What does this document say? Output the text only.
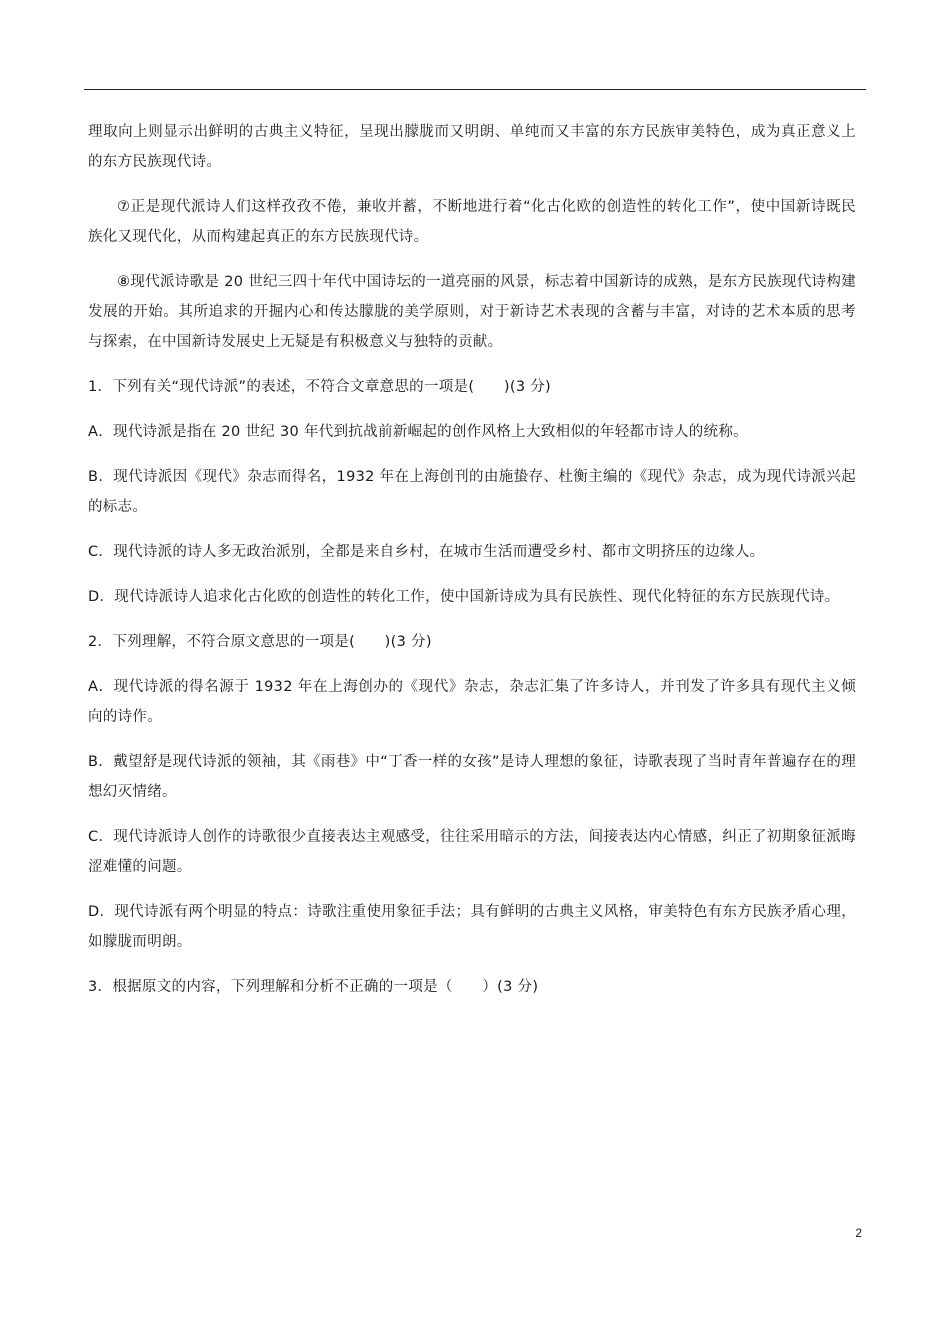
理取向上则显示出鲜明的古典主义特征，呈现出朦胧而又明朗、单纯而又丰富的东方民族审美特色，成为真正意义上的东方民族现代诗。

⑦正是现代派诗人们这样孜孜不倦，兼收并蓄，不断地进行着“化古化欧的创造性的转化工作”，使中国新诗既民族化又现代化，从而构建起真正的东方民族现代诗。

⑧现代派诗歌是 20 世纪三四十年代中国诗坛的一道亮丽的风景，标志着中国新诗的成熟，是东方民族现代诗构建发展的开始。其所追求的开掘内心和传达朦胧的美学原则，对于新诗艺术表现的含蓄与丰富，对诗的艺术本质的思考与探索，在中国新诗发展史上无疑是有积极意义与独特的贡献。

1．下列有关“现代诗派”的表述，不符合文章意思的一项是(　　)(3 分)

A．现代诗派是指在 20 世纪 30 年代到抗战前新崛起的创作风格上大致相似的年轻都市诗人的统称。

B．现代诗派因《现代》杂志而得名，1932 年在上海创刊的由施蛰存、杜衡主编的《现代》杂志，成为现代诗派兴起的标志。

C．现代诗派的诗人多无政治派别，全都是来自乡村，在城市生活而遭受乡村、都市文明挤压的边缘人。

D．现代诗派诗人追求化古化欧的创造性的转化工作，使中国新诗成为具有民族性、现代化特征的东方民族现代诗。

2．下列理解，不符合原文意思的一项是(　　)(3 分)

A．现代诗派的得名源于 1932 年在上海创办的《现代》杂志，杂志汇集了许多诗人，并刊发了许多具有现代主义倾向的诗作。

B．戴望舒是现代诗派的领袖，其《雨巷》中“丁香一样的女孩”是诗人理想的象征，诗歌表现了当时青年普遍存在的理想幻灭情绪。

C．现代诗派诗人创作的诗歌很少直接表达主观感受，往往采用暗示的方法，间接表达内心情感，纠正了初期象征派晦涩难懂的问题。

D．现代诗派有两个明显的特点：诗歌注重使用象征手法；具有鲜明的古典主义风格，审美特色有东方民族矛盾心理，如朦胧而明朗。

3．根据原文的内容，下列理解和分析不正确的一项是（　　）(3 分)

2
